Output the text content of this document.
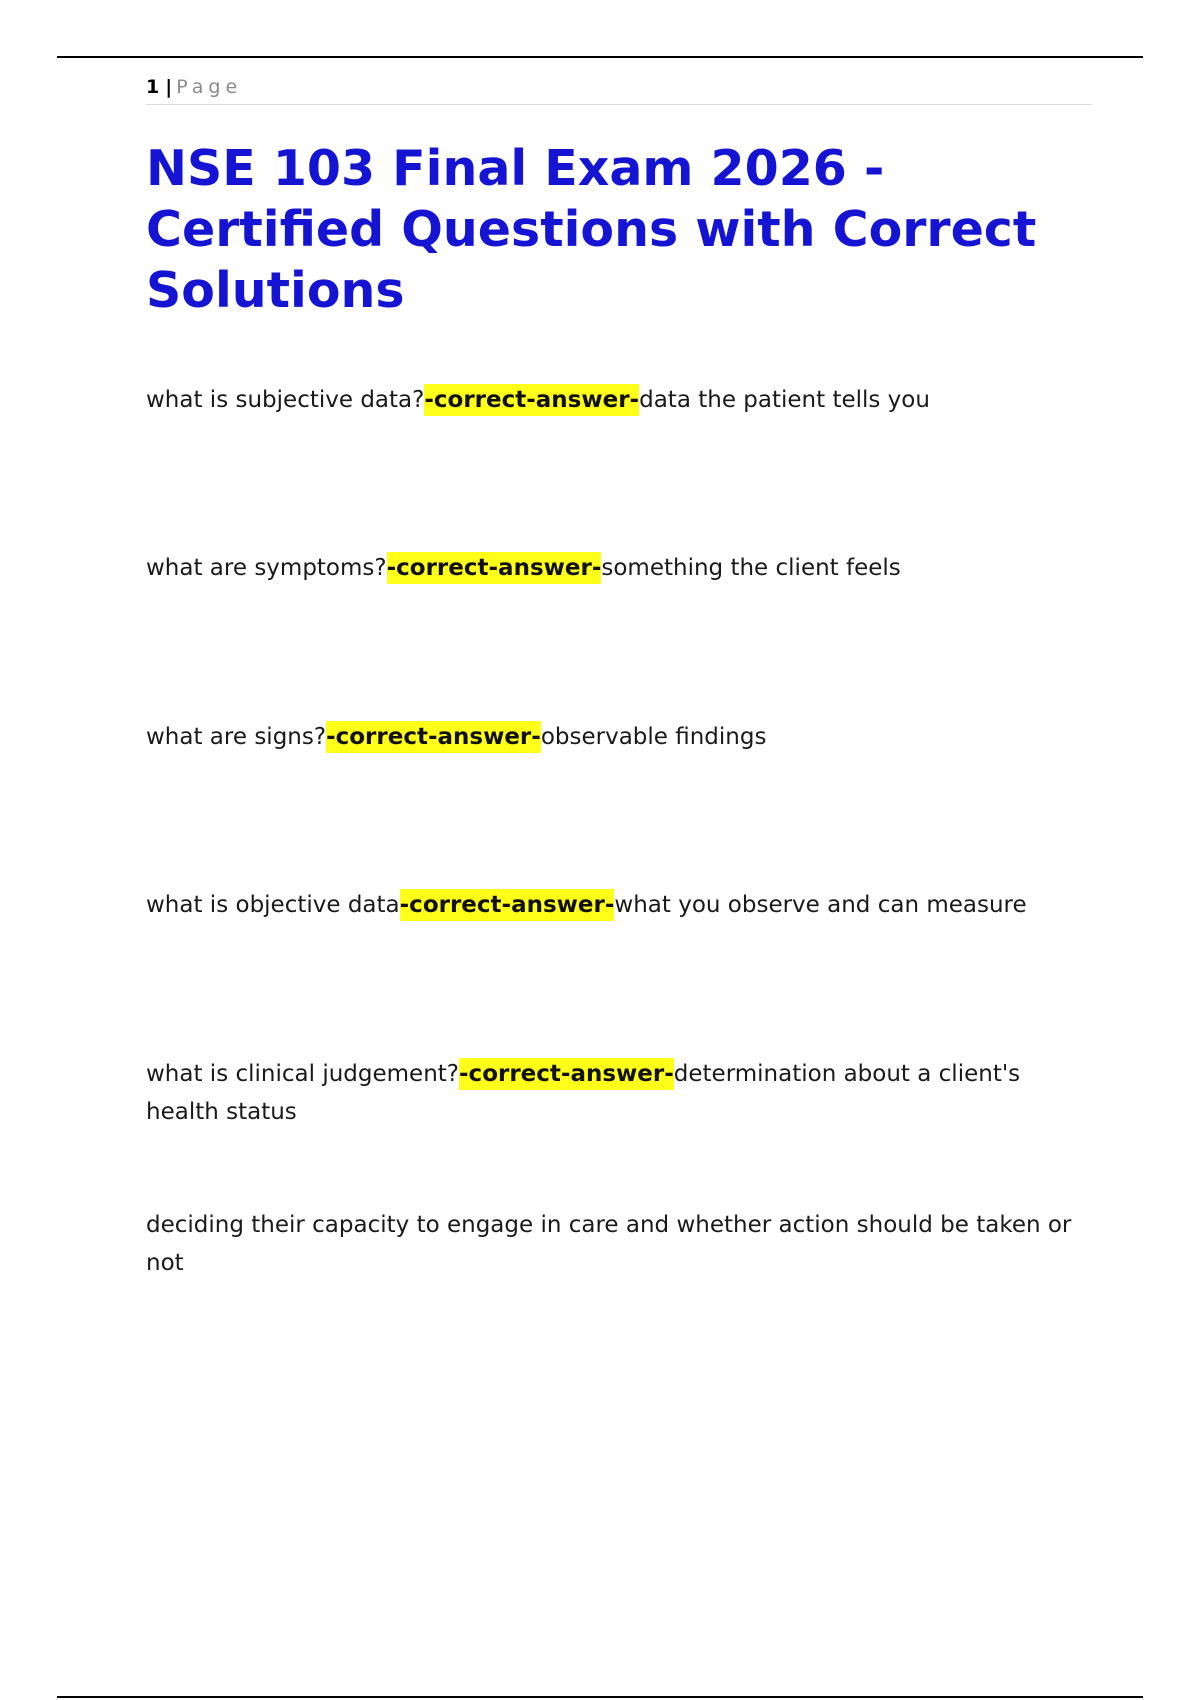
1 | Page
NSE 103 Final Exam 2026 - Certified Questions with Correct Solutions

what is subjective data?-correct-answer-data the patient tells you

what are symptoms?-correct-answer-something the client feels

what are signs?-correct-answer-observable findings

what is objective data-correct-answer-what you observe and can measure

what is clinical judgement?-correct-answer-determination about a client's health status

deciding their capacity to engage in care and whether action should be taken or not
